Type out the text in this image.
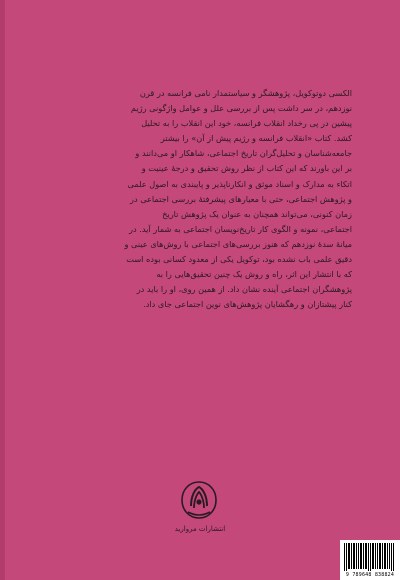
الکسی دوتوکویل، پژوهشگر و سیاستمدار نامی فرانسه در قرن
نوزدهم، در سر داشت پس از بررسی علل و عوامل واژگونی رژیم
پیشین در پی رخداد انقلاب فرانسه، خود این انقلاب را به تحلیل
کشد. کتاب «انقلاب فرانسه و رژیم پیش از آن» را بیشتر
جامعه‌شناسان و تحلیل‌گران تاریخ اجتماعی، شاهکار او می‌دانند و
بر این باورند که این کتاب از نظر روش تحقیق و درجهٔ عینیت و
اتکاء به مدارک و اسناد موثق و انکارناپذیر و پایبندی به اصول علمی
و پژوهش اجتماعی، حتی با معیارهای پیشرفتهٔ بررسی اجتماعی در
زمان کنونی، می‌تواند همچنان به عنوان یک پژوهش تاریخ
اجتماعی، نمونه و الگوی کار تاریخ‌نویسان اجتماعی به شمار آید. در
میانهٔ سدهٔ نوزدهم که هنوز بررسی‌های اجتماعی با روش‌های عینی و
دقیق علمی باب نشده بود، توکویل یکی از معدود کسانی بوده است
که با انتشار این اثر، راه و روش یک چنین تحقیق‌هایی را به
پژوهشگران اجتماعی آینده نشان داد. از همین روی، او را باید در
کنار پیشتازان و رهگشایان پژوهش‌های نوین اجتماعی جای داد.
انتشارات مروارید
9 789648 838824
